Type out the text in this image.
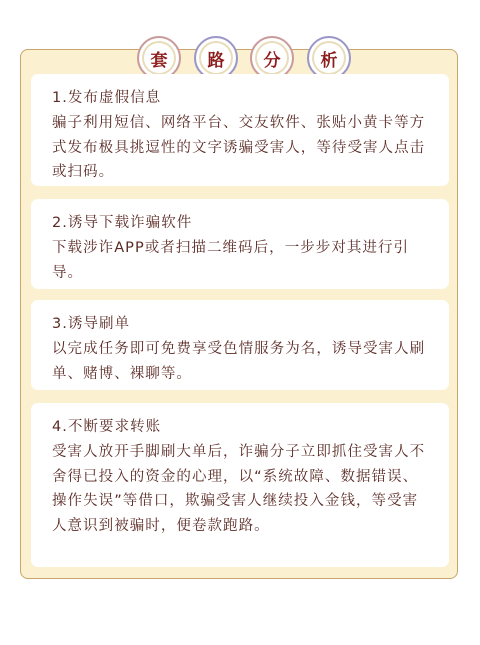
套	路	分	析
1.发布虚假信息
骗子利用短信、网络平台、交友软件、张贴小黄卡等方式发布极具挑逗性的文字诱骗受害人，等待受害人点击或扫码。
2.诱导下载诈骗软件
下载涉诈APP或者扫描二维码后，一步步对其进行引导。
3.诱导刷单
以完成任务即可免费享受色情服务为名，诱导受害人刷单、赌博、裸聊等。
4.不断要求转账
受害人放开手脚刷大单后，诈骗分子立即抓住受害人不舍得已投入的资金的心理，以“系统故障、数据错误、操作失误”等借口，欺骗受害人继续投入金钱，等受害人意识到被骗时，便卷款跑路。
